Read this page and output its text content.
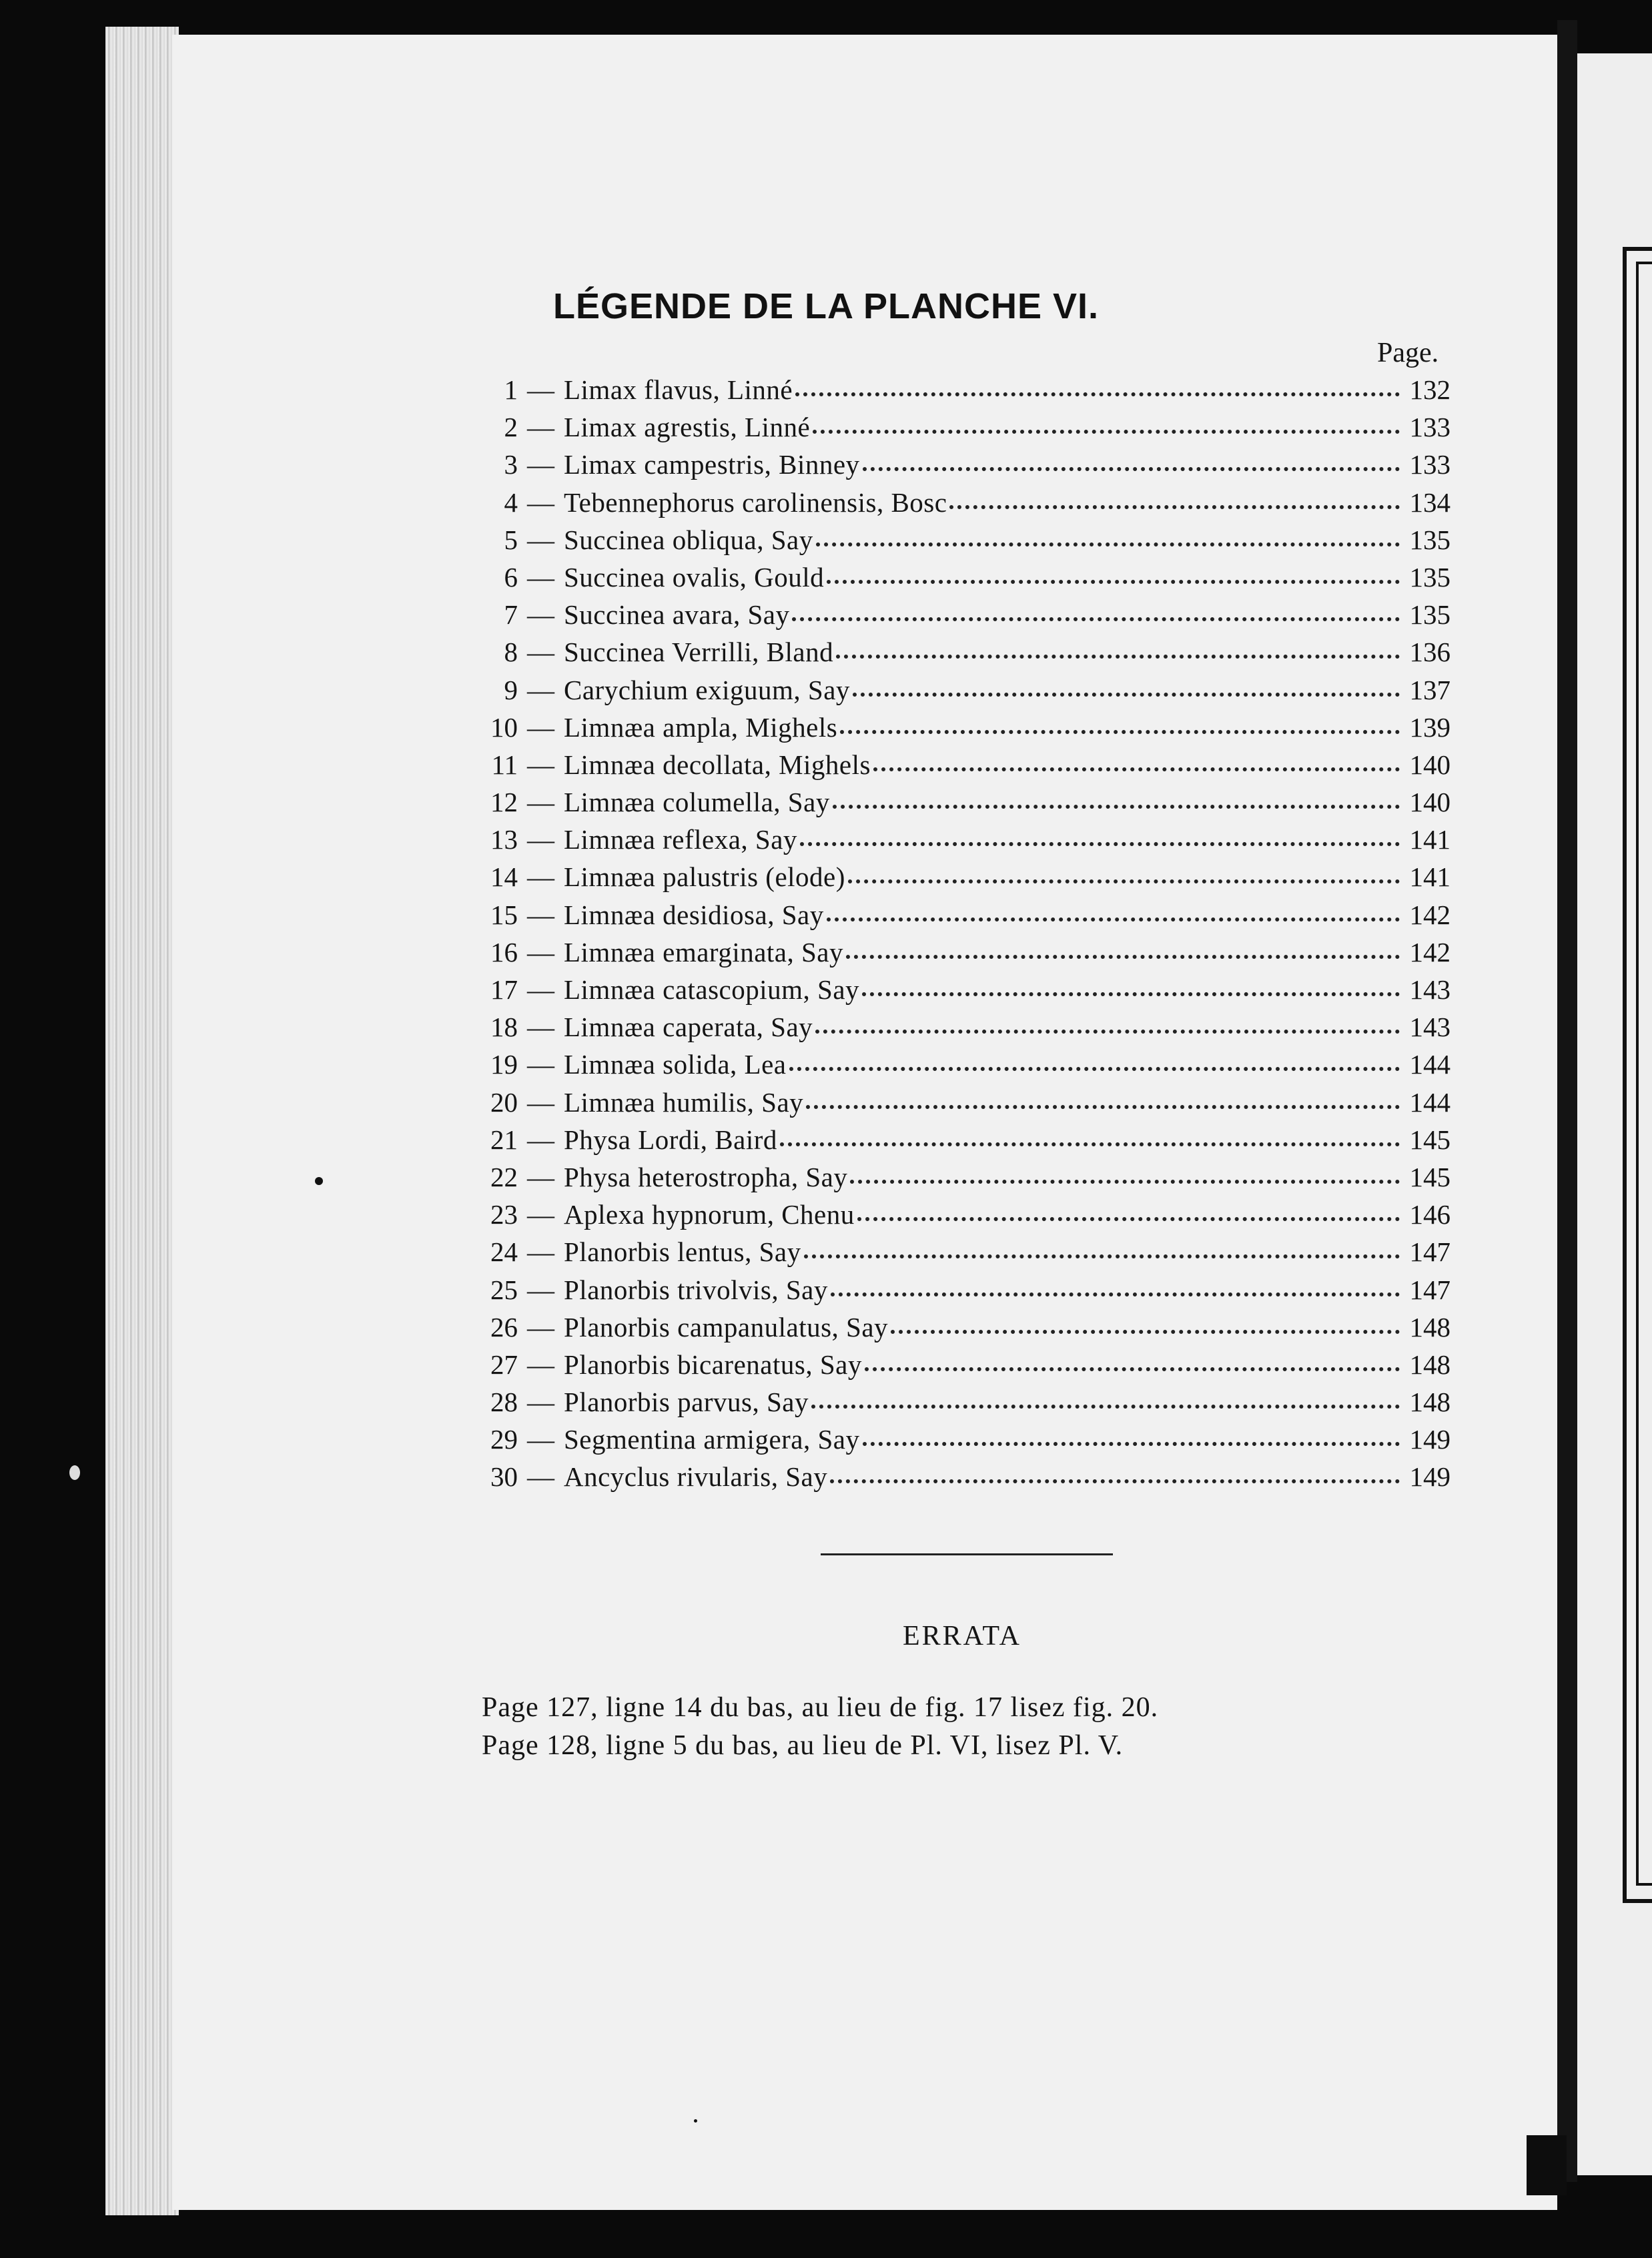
LÉGENDE DE LA PLANCHE VI.
Page.
1 — Limax flavus, Linné	132
2 — Limax agrestis, Linné	133
3 — Limax campestris, Binney	133
4 — Tebennephorus carolinensis, Bosc	134
5 — Succinea obliqua, Say	135
6 — Succinea ovalis, Gould	135
7 — Succinea avara, Say	135
8 — Succinea Verrilli, Bland	136
9 — Carychium exiguum, Say	137
10 — Limnæa ampla, Mighels	139
11 — Limnæa decollata, Mighels	140
12 — Limnæa columella, Say	140
13 — Limnæa reflexa, Say	141
14 — Limnæa palustris (elode)	141
15 — Limnæa desidiosa, Say	142
16 — Limnæa emarginata, Say	142
17 — Limnæa catascopium, Say	143
18 — Limnæa caperata, Say	143
19 — Limnæa solida, Lea	144
20 — Limnæa humilis, Say	144
21 — Physa Lordi, Baird	145
22 — Physa heterostropha, Say	145
23 — Aplexa hypnorum, Chenu	146
24 — Planorbis lentus, Say	147
25 — Planorbis trivolvis, Say	147
26 — Planorbis campanulatus, Say	148
27 — Planorbis bicarenatus, Say	148
28 — Planorbis parvus, Say	148
29 — Segmentina armigera, Say	149
30 — Ancyclus rivularis, Say	149
ERRATA
Page 127, ligne 14 du bas, au lieu de fig. 17 lisez fig. 20.
Page 128, ligne 5 du bas, au lieu de Pl. VI, lisez Pl. V.
